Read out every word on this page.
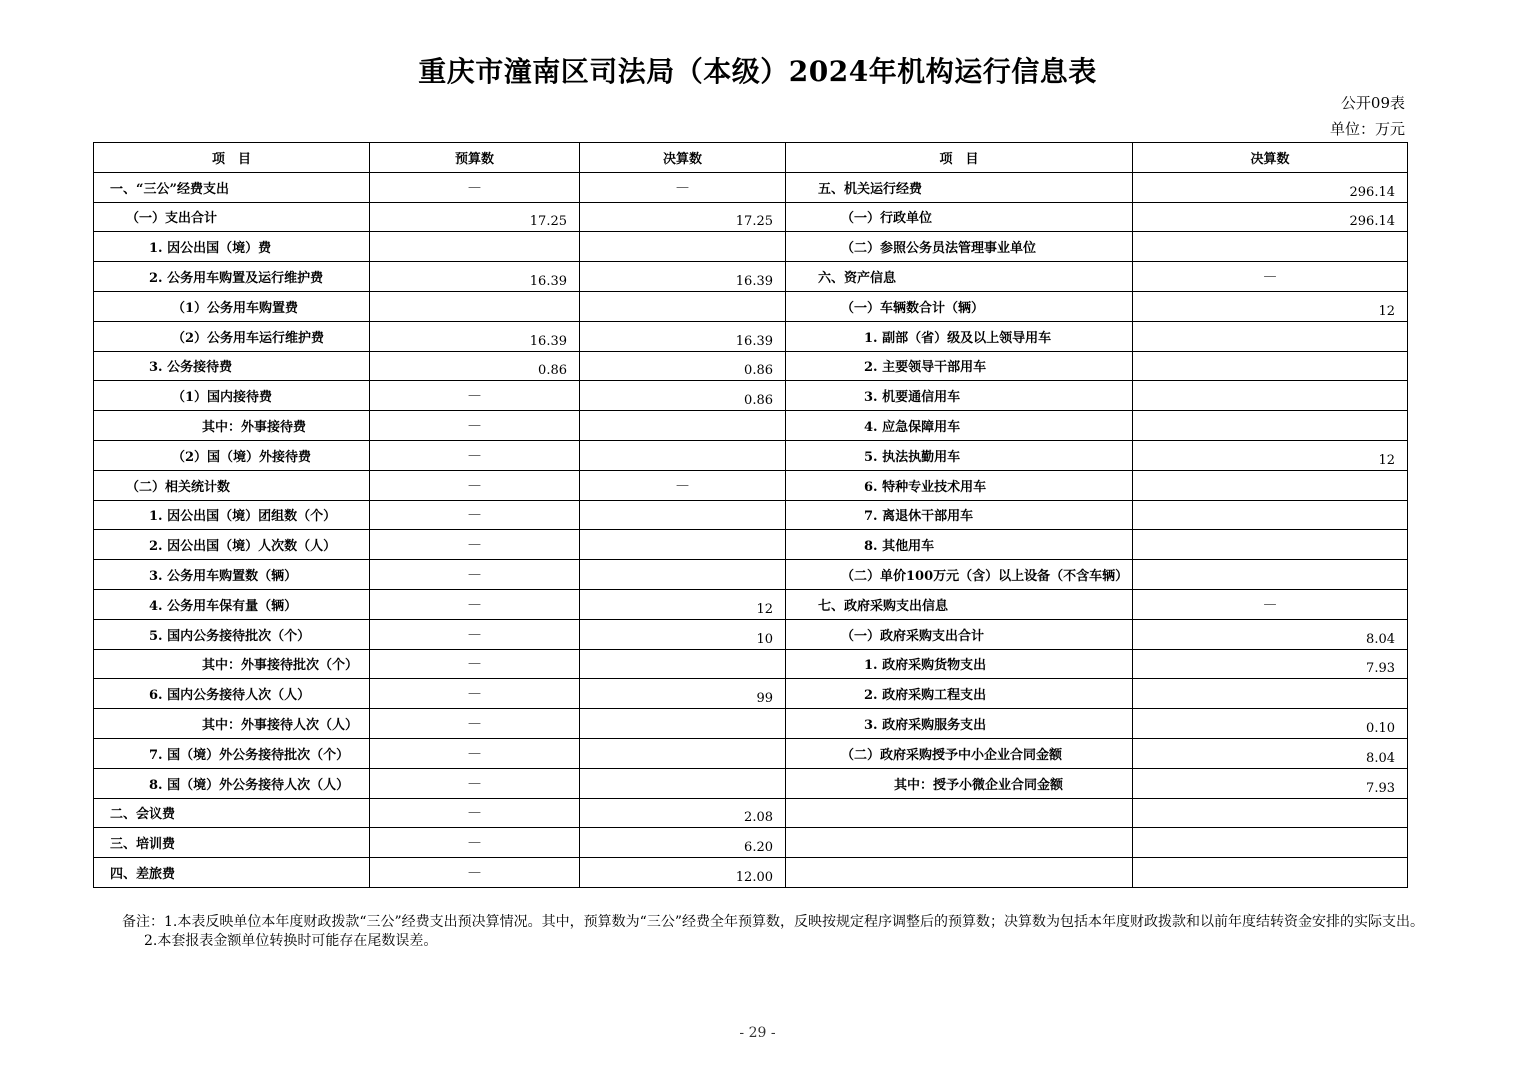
重庆市潼南区司法局（本级）2024年机构运行信息表
公开09表
单位：万元
项　目	预算数	决算数	项　目	决算数
一、“三公”经费支出	—	—	五、机关运行经费	296.14
（一）支出合计	17.25	17.25	（一）行政单位	296.14
1. 因公出国（境）费			（二）参照公务员法管理事业单位	
2. 公务用车购置及运行维护费	16.39	16.39	六、资产信息	—
（1）公务用车购置费			（一）车辆数合计（辆）	12
（2）公务用车运行维护费	16.39	16.39	1. 副部（省）级及以上领导用车	
3. 公务接待费	0.86	0.86	2. 主要领导干部用车	
（1）国内接待费	—	0.86	3. 机要通信用车	
其中：外事接待费	—		4. 应急保障用车	
（2）国（境）外接待费	—		5. 执法执勤用车	12
（二）相关统计数	—	—	6. 特种专业技术用车	
1. 因公出国（境）团组数（个）	—		7. 离退休干部用车	
2. 因公出国（境）人次数（人）	—		8. 其他用车	
3. 公务用车购置数（辆）	—		（二）单价100万元（含）以上设备（不含车辆）	
4. 公务用车保有量（辆）	—	12	七、政府采购支出信息	—
5. 国内公务接待批次（个）	—	10	（一）政府采购支出合计	8.04
其中：外事接待批次（个）	—		1. 政府采购货物支出	7.93
6. 国内公务接待人次（人）	—	99	2. 政府采购工程支出	
其中：外事接待人次（人）	—		3. 政府采购服务支出	0.10
7. 国（境）外公务接待批次（个）	—		（二）政府采购授予中小企业合同金额	8.04
8. 国（境）外公务接待人次（人）	—		其中：授予小微企业合同金额	7.93
二、会议费	—	2.08		
三、培训费	—	6.20		
四、差旅费	—	12.00		

备注：1.本表反映单位本年度财政拨款“三公”经费支出预决算情况。其中，预算数为“三公”经费全年预算数，反映按规定程序调整后的预算数；决算数为包括本年度财政拨款和以前年度结转资金安排的实际支出。

2.本套报表金额单位转换时可能存在尾数误差。

- 29 -
